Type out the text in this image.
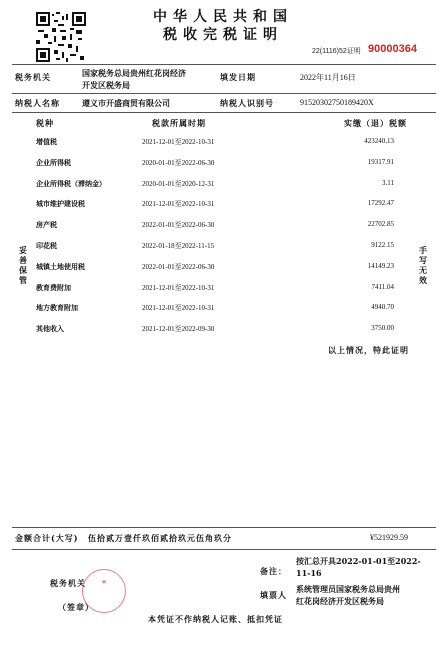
中华人民共和国
税收完税证明
22(1116)52证明 90000364
税务机关	国家税务总局贵州红花岗经济
开发区税务局
填发日期	2022年11月16日
纳税人名称	遵义市开盛商贸有限公司	纳税人识别号	91520302750189420X
税种	税款所属时期	实缴（退）税额
增值税	2021-12-01至2022-10-31	423240.13
企业所得税	2020-01-01至2022-06-30	19317.91
企业所得税（滞纳金）	2020-01-01至2020-12-31	3.11
城市维护建设税	2021-12-01至2022-10-31	17292.47
房产税	2022-01-01至2022-06-30	22702.85
印花税	2022-01-18至2022-11-15	9122.15
城镇土地使用税	2022-01-01至2022-06-30	14149.23
教育费附加	2021-12-01至2022-10-31	7411.04
地方教育附加	2021-12-01至2022-10-31	4940.70
其他收入	2021-12-01至2022-09-30	3750.00
妥善保管
手写无效
以上情况，特此证明
金额合计(大写) 伍拾贰万壹仟玖佰贰拾玖元伍角玖分	¥521929.59
税务机关
（签章）
★
备注：
按汇总开具2022-01-01至2022-
11-16
填票人
系统管理员国家税务总局贵州
红花岗经济开发区税务局
本凭证不作纳税人记账、抵扣凭证
